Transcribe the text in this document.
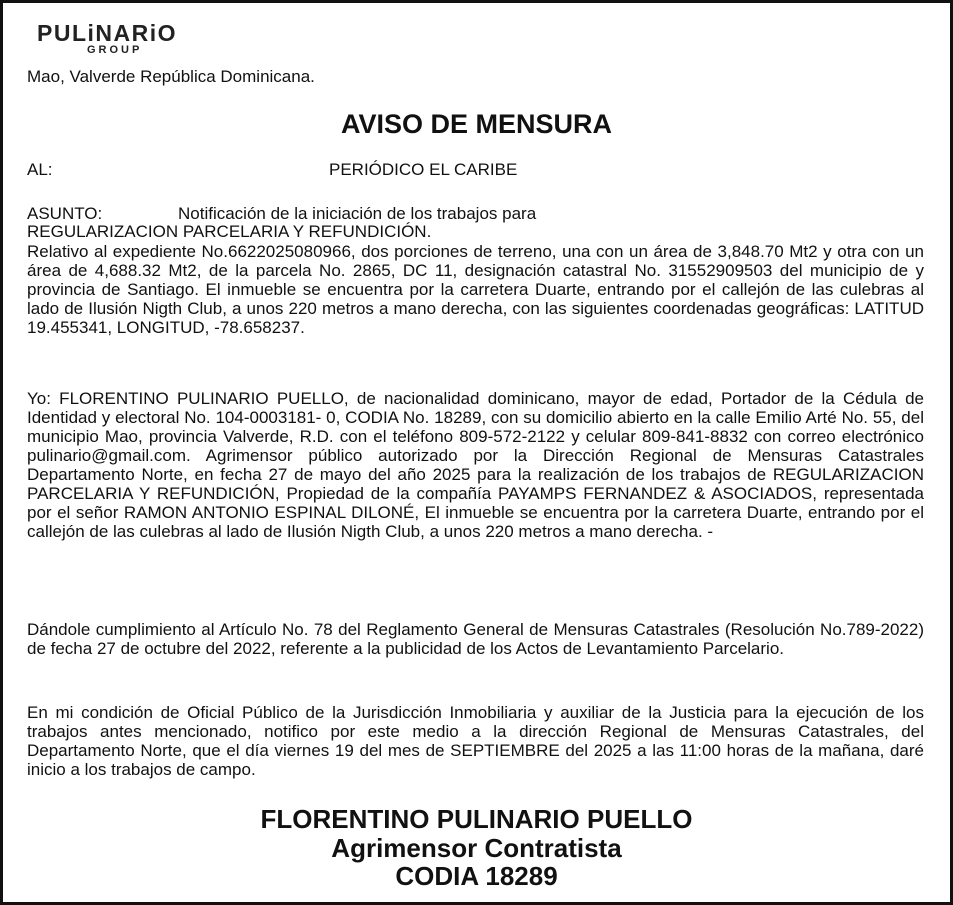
PULiNARiO
GROUP
Mao, Valverde República Dominicana.
AVISO DE MENSURA
AL:	PERIÓDICO EL CARIBE
ASUNTO:	Notificación de la iniciación de los trabajos para
REGULARIZACION PARCELARIA Y REFUNDICIÓN.
Relativo al expediente No.6622025080966, dos porciones de terreno, una con un área de 3,848.70 Mt2 y otra con un área de 4,688.32 Mt2, de la parcela No. 2865, DC 11, designación catastral No. 31552909503 del municipio de y provincia de Santiago. El inmueble se encuentra por la carretera Duarte, entrando por el callejón de las culebras al lado de Ilusión Nigth Club, a unos 220 metros a mano derecha, con las siguientes coordenadas geográficas: LATITUD 19.455341, LONGITUD, -78.658237.
Yo: FLORENTINO PULINARIO PUELLO, de nacionalidad dominicano, mayor de edad, Portador de la Cédula de Identidad y electoral No. 104-0003181- 0, CODIA No. 18289, con su domicilio abierto en la calle Emilio Arté No. 55, del municipio Mao, provincia Valverde, R.D. con el teléfono 809-572-2122 y celular 809-841-8832 con correo electrónico pulinario@gmail.com. Agrimensor público autorizado por la Dirección Regional de Mensuras Catastrales Departamento Norte, en fecha 27 de mayo del año 2025 para la realización de los trabajos de REGULARIZACION PARCELARIA Y REFUNDICIÓN, Propiedad de la compañía PAYAMPS FERNANDEZ & ASOCIADOS, representada por el señor RAMON ANTONIO ESPINAL DILONÉ, El inmueble se encuentra por la carretera Duarte, entrando por el callejón de las culebras al lado de Ilusión Nigth Club, a unos 220 metros a mano derecha. -
Dándole cumplimiento al Artículo No. 78 del Reglamento General de Mensuras Catastrales (Resolución No.789-2022) de fecha 27 de octubre del 2022, referente a la publicidad de los Actos de Levantamiento Parcelario.
En mi condición de Oficial Público de la Jurisdicción Inmobiliaria y auxiliar de la Justicia para la ejecución de los trabajos antes mencionado, notifico por este medio a la dirección Regional de Mensuras Catastrales, del Departamento Norte, que el día viernes 19 del mes de SEPTIEMBRE del 2025 a las 11:00 horas de la mañana, daré inicio a los trabajos de campo.
FLORENTINO PULINARIO PUELLO
Agrimensor Contratista
CODIA 18289
